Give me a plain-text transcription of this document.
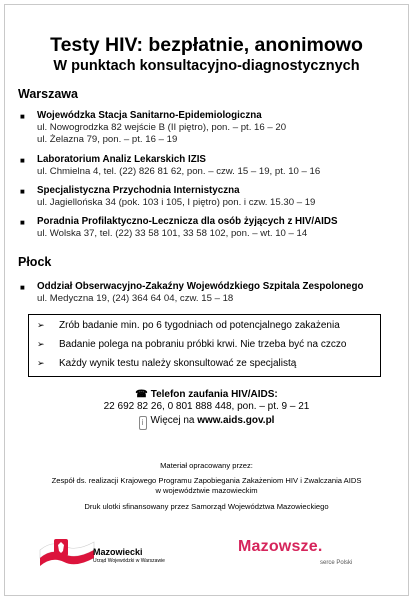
Testy HIV: bezpłatnie, anonimowo
W punktach konsultacyjno-diagnostycznych
Warszawa
■ Wojewódzka Stacja Sanitarno-Epidemiologiczna
ul. Nowogrodzka 82 wejście B (II piętro), pon. – pt. 16 – 20
ul. Żelazna 79, pon. – pt. 16 – 19
■ Laboratorium Analiz Lekarskich IZIS
ul. Chmielna 4, tel. (22) 826 81 62, pon. – czw. 15 – 19, pt. 10 – 16
■ Specjalistyczna Przychodnia Internistyczna
ul. Jagiellońska 34 (pok. 103 i 105, I piętro) pon. i czw. 15.30 – 19
■ Poradnia Profilaktyczno-Lecznicza dla osób żyjących z HIV/AIDS
ul. Wolska 37, tel. (22) 33 58 101, 33 58 102, pon. – wt. 10 – 14
Płock
■ Oddział Obserwacyjno-Zakaźny Wojewódzkiego Szpitala Zespolonego
ul. Medyczna 19, (24) 364 64 04, czw. 15 – 18
➢ Zrób badanie min. po 6 tygodniach od potencjalnego zakażenia
➢ Badanie polega na pobraniu próbki krwi. Nie trzeba być na czczo
➢ Każdy wynik testu należy skonsultować ze specjalistą
☎ Telefon zaufania HIV/AIDS:
22 692 82 26, 0 801 888 448, pon. – pt. 9 – 21
i Więcej na www.aids.gov.pl
Materiał opracowany przez:
Zespół ds. realizacji Krajowego Programu Zapobiegania Zakażeniom HIV i Zwalczania AIDS
w województwie mazowieckim
Druk ulotki sfinansowany przez Samorząd Województwa Mazowieckiego
Mazowiecki
Urząd Wojewódzki w Warszawie
Mazowsze.
serce Polski
